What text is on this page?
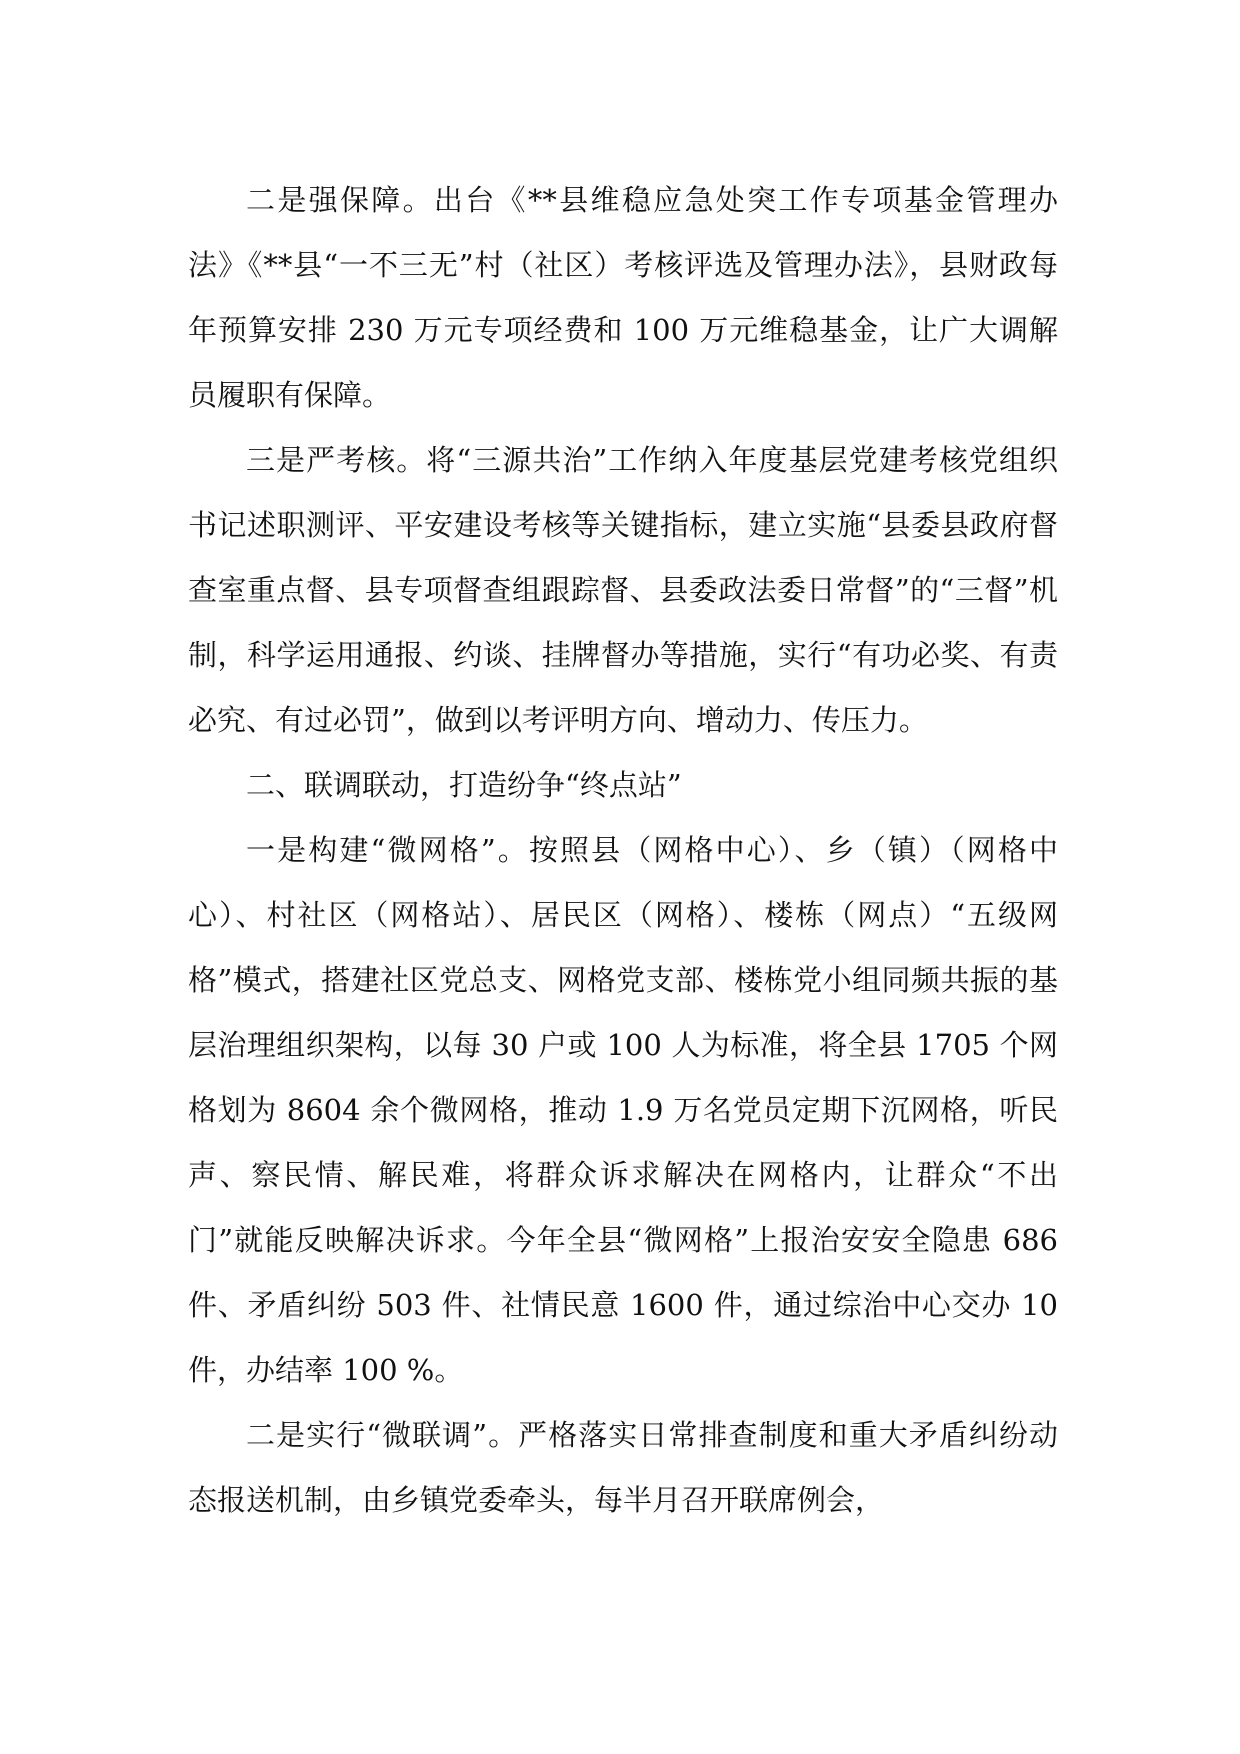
二是强保障。出台《**县维稳应急处突工作专项基金管理办法》《**县“一不三无”村（社区）考核评选及管理办法》，县财政每年预算安排 230 万元专项经费和 100 万元维稳基金，让广大调解员履职有保障。

三是严考核。将“三源共治”工作纳入年度基层党建考核党组织书记述职测评、平安建设考核等关键指标，建立实施“县委县政府督查室重点督、县专项督查组跟踪督、县委政法委日常督”的“三督”机制，科学运用通报、约谈、挂牌督办等措施，实行“有功必奖、有责必究、有过必罚”，做到以考评明方向、增动力、传压力。

二、联调联动，打造纷争“终点站”

一是构建“微网格”。按照县（网格中心）、乡（镇）（网格中心）、村社区（网格站）、居民区（网格）、楼栋（网点）“五级网格”模式，搭建社区党总支、网格党支部、楼栋党小组同频共振的基层治理组织架构，以每 30 户或 100 人为标准，将全县 1705 个网格划为 8604 余个微网格，推动 1.9 万名党员定期下沉网格，听民声、察民情、解民难，将群众诉求解决在网格内，让群众“不出门”就能反映解决诉求。今年全县“微网格”上报治安安全隐患 686 件、矛盾纠纷 503 件、社情民意 1600 件，通过综治中心交办 10 件，办结率 100 %。

二是实行“微联调”。严格落实日常排查制度和重大矛盾纠纷动态报送机制，由乡镇党委牵头，每半月召开联席例会，
